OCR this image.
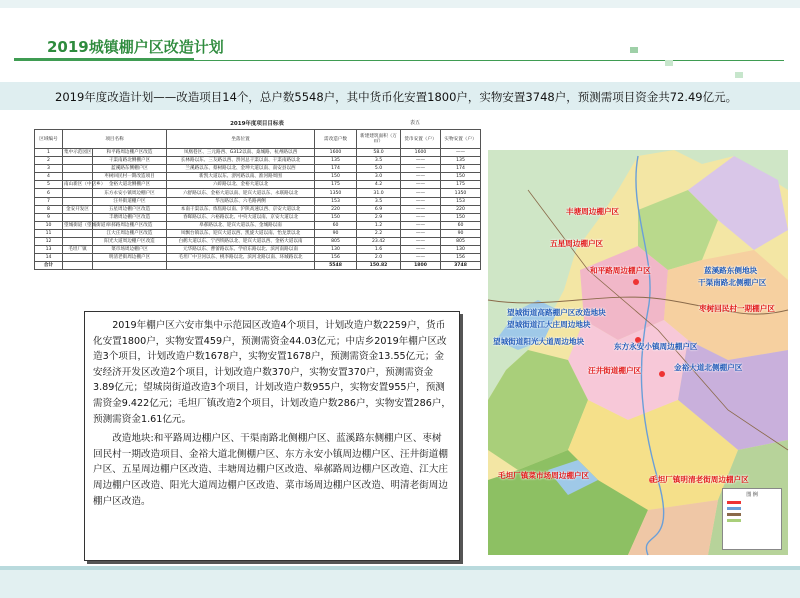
2019城镇棚户区改造计划
2019年度改造计划——改造项目14个，总户数5548户，其中货币化安置1800户，实物安置3748户，预测需项目资金共72.49亿元。
2019年度项目目标表	表五
区域编号	项目名称		坐落位置	需改造户数	新建建筑面积（万㎡）	货币安置（户）	实物安置（户）
1	集中示范园区	和平路周边棚户区改造	凤凰巷区、三元路西、G312以南、桑城路、杭州路以西	1600	58.0	1600	——
2		干渠南路北侧棚户区	长林路以东、三友路以西、淠河总干渠以南、干渠南路以北	135	3.5	——	135
3		蓝溪路东侧棚户区	兰溪路以东、蔡树路以北、金坤大道以南、南安县以西	174	5.0	——	174
4		枣树回民村一期改造项目	新凯大道以东、淠河路以南、淮河路周围	150	3.0	——	150
5	南山新区（中店乡）	金裕大道北侧棚户区	六碎路以北、金裕大道以北	175	4.2	——	175
6		东方永安小镇周边棚户区	六舒路以东、金裕大道以南、迎宾大道以东、永联路以北	1350	31.0	——	1350
7		汪井街道棚户区	华岳路以东、六毛路两侧	153	3.5	——	153
8	金安开发区	五星周边棚户区改造	本南干渠以东、炼焦路以南、沪陕高速以西、京安大道以北	220	6.9	——	220
9		丰塘周边棚户区改造	春晖路以东、六裕路以北、中央大道以南、京安大道以北	150	2.9	——	150
10	望城街道（望城街道）	皋郝路周边棚户区改造	皋郝路以北、迎宾大道以东、金城路以南	60	1.2	——	60
11		江大庄周边棚户区改造	凤飘台镇以东、迎宾大道以西、凯旋大道以南、怡龙景以北	90	2.2	——	90
12		阳光大道周边棚户区改造	白鹤大道以东、宁西铁路以北、迎宾大道以西、金裕大道以南	805	23.42	——	805
13	毛坦厂镇	菜市场周边棚户区	元华路以东、曹蕾路以东、学府东路以北、滨河南路以南	130	1.6	——	130
14		明清老街周边棚户区	毛坦厂中卫河以东、桃李路以北、滨河北路以南、环城路以北	156	2.0	——	156
合计				5548	150.82	1800	3748

2019年棚户区六安市集中示范园区改造4个项目，计划改造户数2259户，货币化安置1800户，实物安置459户，预测需资金44.03亿元；中店乡2019年棚户区改造3个项目，计划改造户数1678户，实物安置1678户，预测需资金13.55亿元；金安经济开发区改造2个项目，计划改造户数370户，实物安置370户，预测需资金3.89亿元；望城岗街道改造3个项目，计划改造户数955户，实物安置955户，预测需资金9.422亿元；毛坦厂镇改造2个项目，计划改造户数286户，实物安置286户，预测需资金1.61亿元。

改造地块:和平路周边棚户区、干渠南路北侧棚户区、蓝溪路东侧棚户区、枣树回民村一期改造项目、金裕大道北侧棚户区、东方永安小镇周边棚户区、汪井街道棚户区、五星周边棚户区改造、丰塘周边棚户区改造、皋郝路周边棚户区改造、江大庄周边棚户区改造、阳光大道周边棚户区改造、菜市场周边棚户区改造、明清老街周边棚户区改造。

丰塘周边棚户区
五星周边棚户区
蓝溪路东侧地块
和平路周边棚户区
干渠南路北侧棚户区
枣树回民村一期棚户区
望城街道高路棚户区改造地块
望城街道江大庄周边地块
望城街道阳光大道周边地块
东方永安小镇周边棚户区
金裕大道北侧棚户区
汪井街道棚户区
毛坦厂镇菜市场周边棚户区	毛坦厂镇明清老街周边棚户区
图 例
